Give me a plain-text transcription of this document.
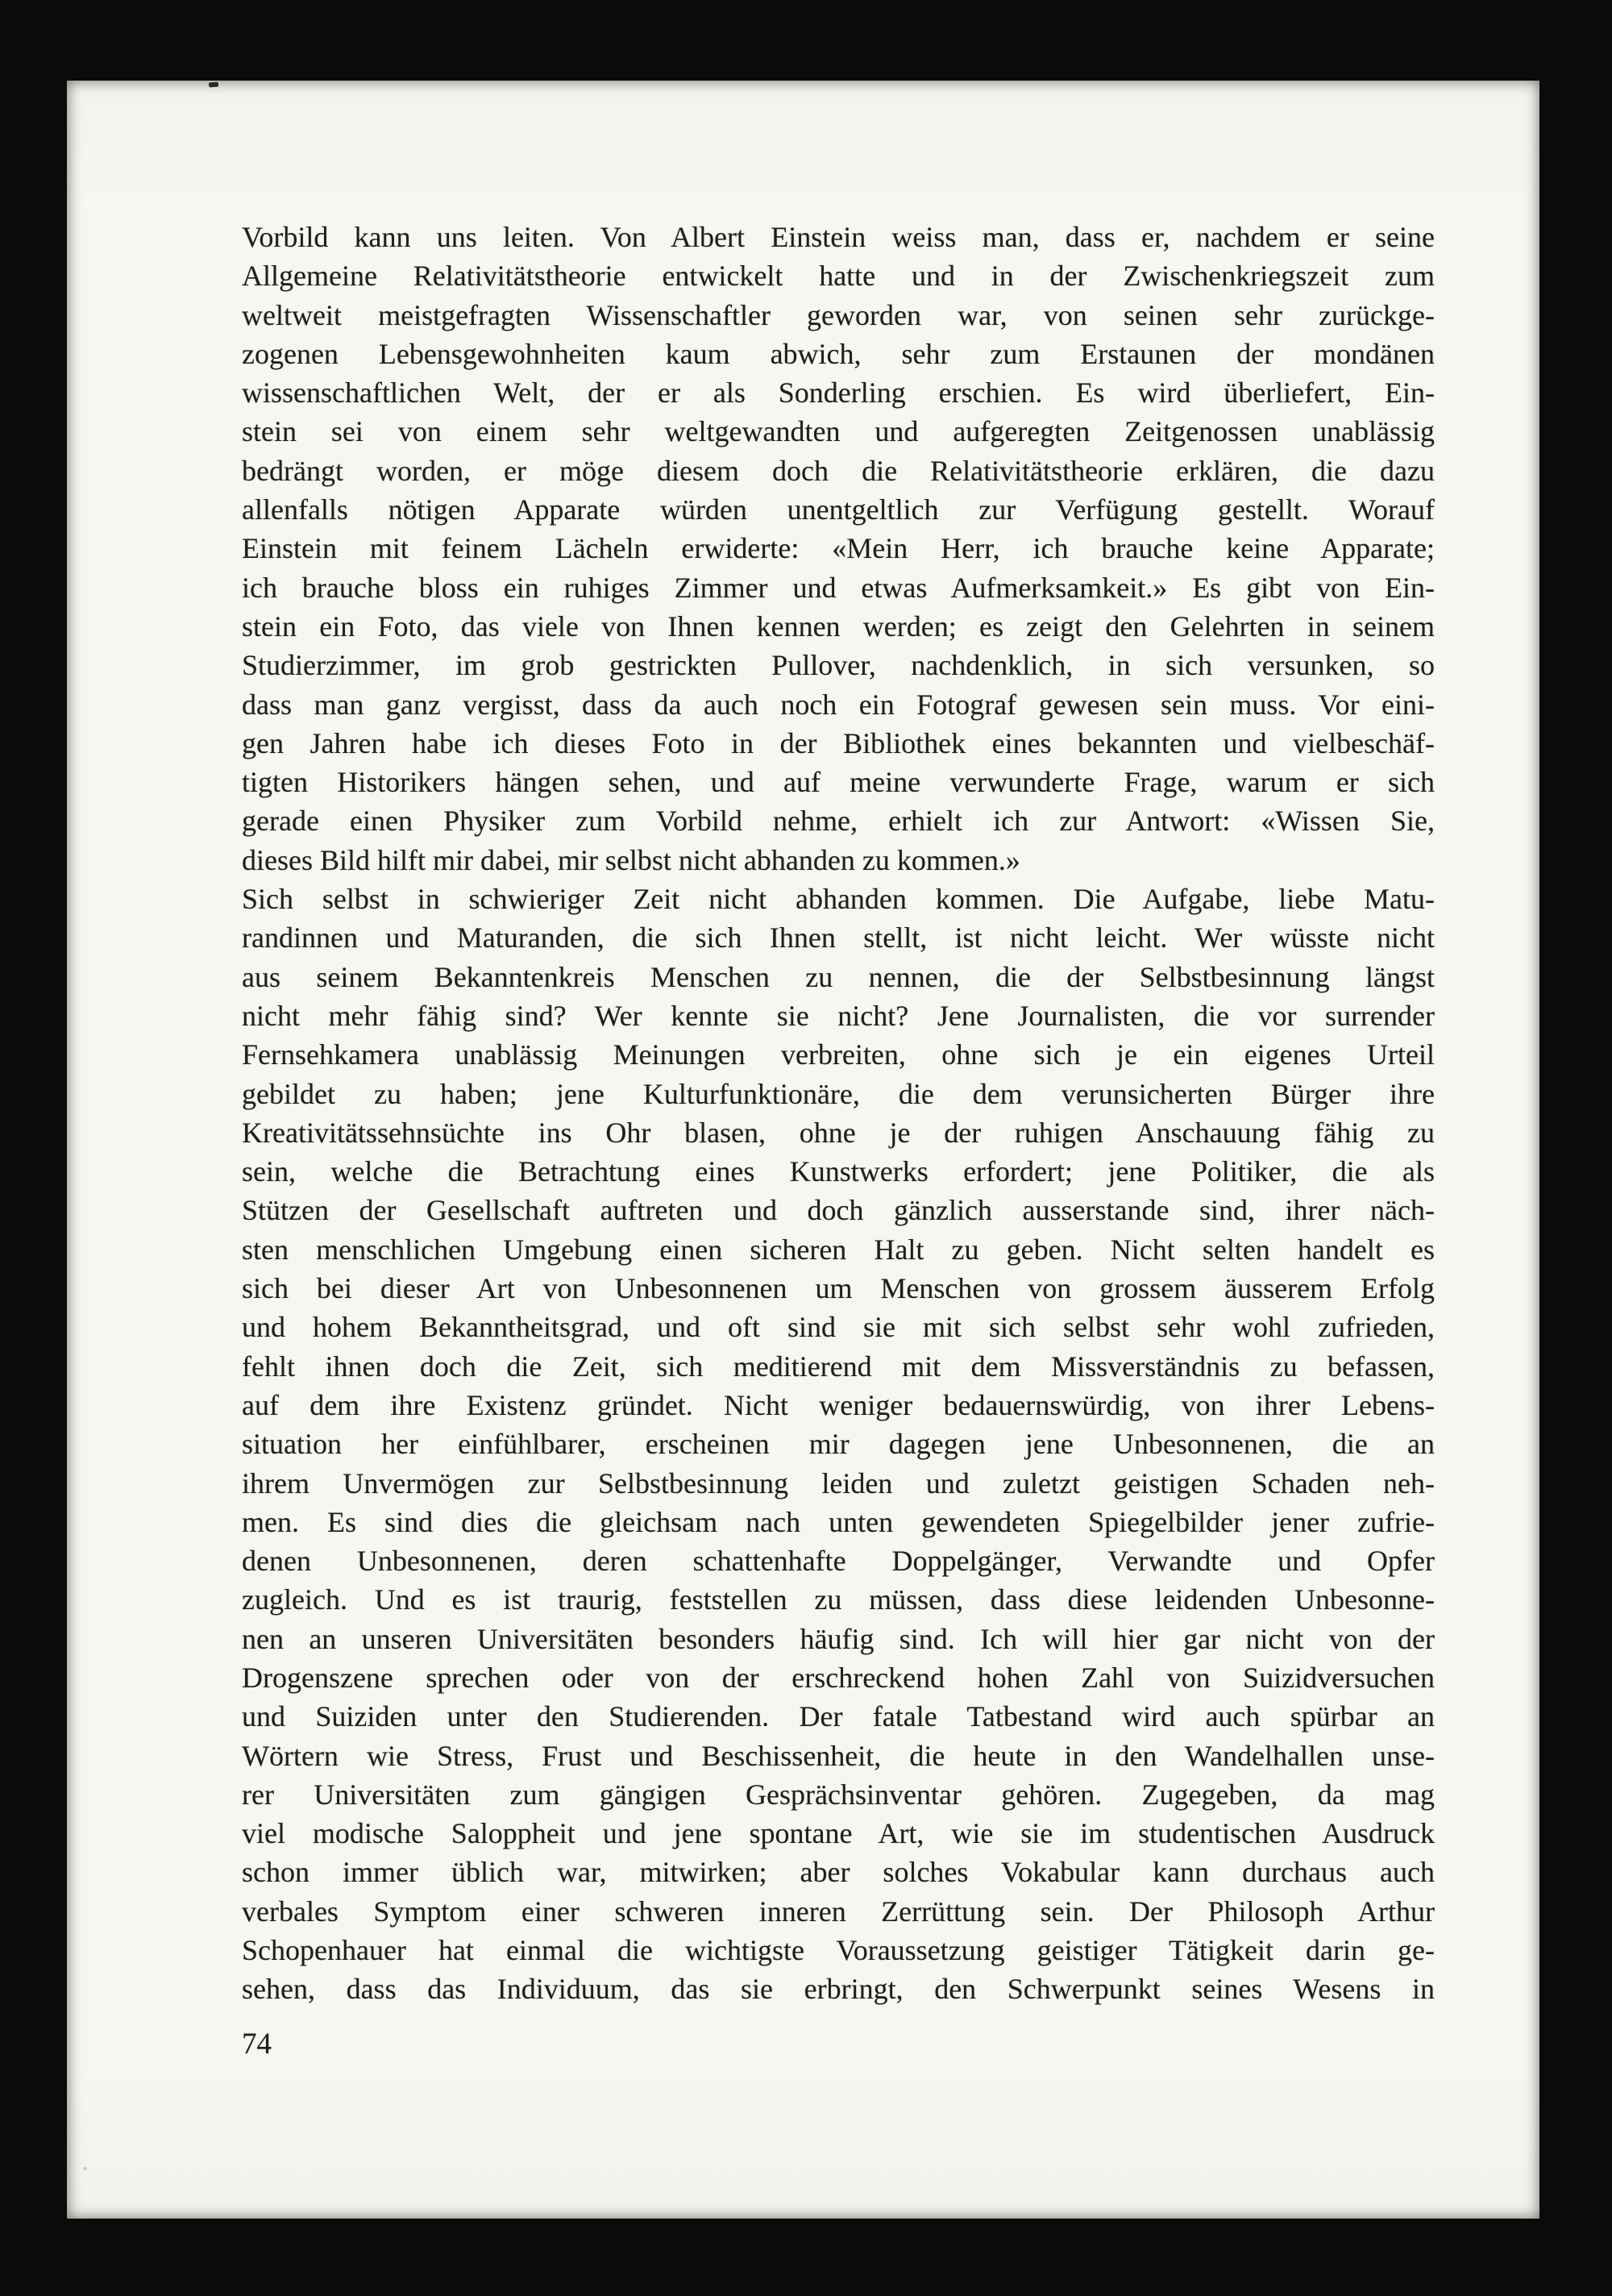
Vorbild kann uns leiten. Von Albert Einstein weiss man, dass er, nachdem er seine
Allgemeine Relativitätstheorie entwickelt hatte und in der Zwischenkriegszeit zum
weltweit meistgefragten Wissenschaftler geworden war, von seinen sehr zurückge-
zogenen Lebensgewohnheiten kaum abwich, sehr zum Erstaunen der mondänen
wissenschaftlichen Welt, der er als Sonderling erschien. Es wird überliefert, Ein-
stein sei von einem sehr weltgewandten und aufgeregten Zeitgenossen unablässig
bedrängt worden, er möge diesem doch die Relativitätstheorie erklären, die dazu
allenfalls nötigen Apparate würden unentgeltlich zur Verfügung gestellt. Worauf
Einstein mit feinem Lächeln erwiderte: «Mein Herr, ich brauche keine Apparate;
ich brauche bloss ein ruhiges Zimmer und etwas Aufmerksamkeit.» Es gibt von Ein-
stein ein Foto, das viele von Ihnen kennen werden; es zeigt den Gelehrten in seinem
Studierzimmer, im grob gestrickten Pullover, nachdenklich, in sich versunken, so
dass man ganz vergisst, dass da auch noch ein Fotograf gewesen sein muss. Vor eini-
gen Jahren habe ich dieses Foto in der Bibliothek eines bekannten und vielbeschäf-
tigten Historikers hängen sehen, und auf meine verwunderte Frage, warum er sich
gerade einen Physiker zum Vorbild nehme, erhielt ich zur Antwort: «Wissen Sie,
dieses Bild hilft mir dabei, mir selbst nicht abhanden zu kommen.»
Sich selbst in schwieriger Zeit nicht abhanden kommen. Die Aufgabe, liebe Matu-
randinnen und Maturanden, die sich Ihnen stellt, ist nicht leicht. Wer wüsste nicht
aus seinem Bekanntenkreis Menschen zu nennen, die der Selbstbesinnung längst
nicht mehr fähig sind? Wer kennte sie nicht? Jene Journalisten, die vor surrender
Fernsehkamera unablässig Meinungen verbreiten, ohne sich je ein eigenes Urteil
gebildet zu haben; jene Kulturfunktionäre, die dem verunsicherten Bürger ihre
Kreativitätssehnsüchte ins Ohr blasen, ohne je der ruhigen Anschauung fähig zu
sein, welche die Betrachtung eines Kunstwerks erfordert; jene Politiker, die als
Stützen der Gesellschaft auftreten und doch gänzlich ausserstande sind, ihrer näch-
sten menschlichen Umgebung einen sicheren Halt zu geben. Nicht selten handelt es
sich bei dieser Art von Unbesonnenen um Menschen von grossem äusserem Erfolg
und hohem Bekanntheitsgrad, und oft sind sie mit sich selbst sehr wohl zufrieden,
fehlt ihnen doch die Zeit, sich meditierend mit dem Missverständnis zu befassen,
auf dem ihre Existenz gründet. Nicht weniger bedauernswürdig, von ihrer Lebens-
situation her einfühlbarer, erscheinen mir dagegen jene Unbesonnenen, die an
ihrem Unvermögen zur Selbstbesinnung leiden und zuletzt geistigen Schaden neh-
men. Es sind dies die gleichsam nach unten gewendeten Spiegelbilder jener zufrie-
denen Unbesonnenen, deren schattenhafte Doppelgänger, Verwandte und Opfer
zugleich. Und es ist traurig, feststellen zu müssen, dass diese leidenden Unbesonne-
nen an unseren Universitäten besonders häufig sind. Ich will hier gar nicht von der
Drogenszene sprechen oder von der erschreckend hohen Zahl von Suizidversuchen
und Suiziden unter den Studierenden. Der fatale Tatbestand wird auch spürbar an
Wörtern wie Stress, Frust und Beschissenheit, die heute in den Wandelhallen unse-
rer Universitäten zum gängigen Gesprächsinventar gehören. Zugegeben, da mag
viel modische Saloppheit und jene spontane Art, wie sie im studentischen Ausdruck
schon immer üblich war, mitwirken; aber solches Vokabular kann durchaus auch
verbales Symptom einer schweren inneren Zerrüttung sein. Der Philosoph Arthur
Schopenhauer hat einmal die wichtigste Voraussetzung geistiger Tätigkeit darin ge-
sehen, dass das Individuum, das sie erbringt, den Schwerpunkt seines Wesens in
74
